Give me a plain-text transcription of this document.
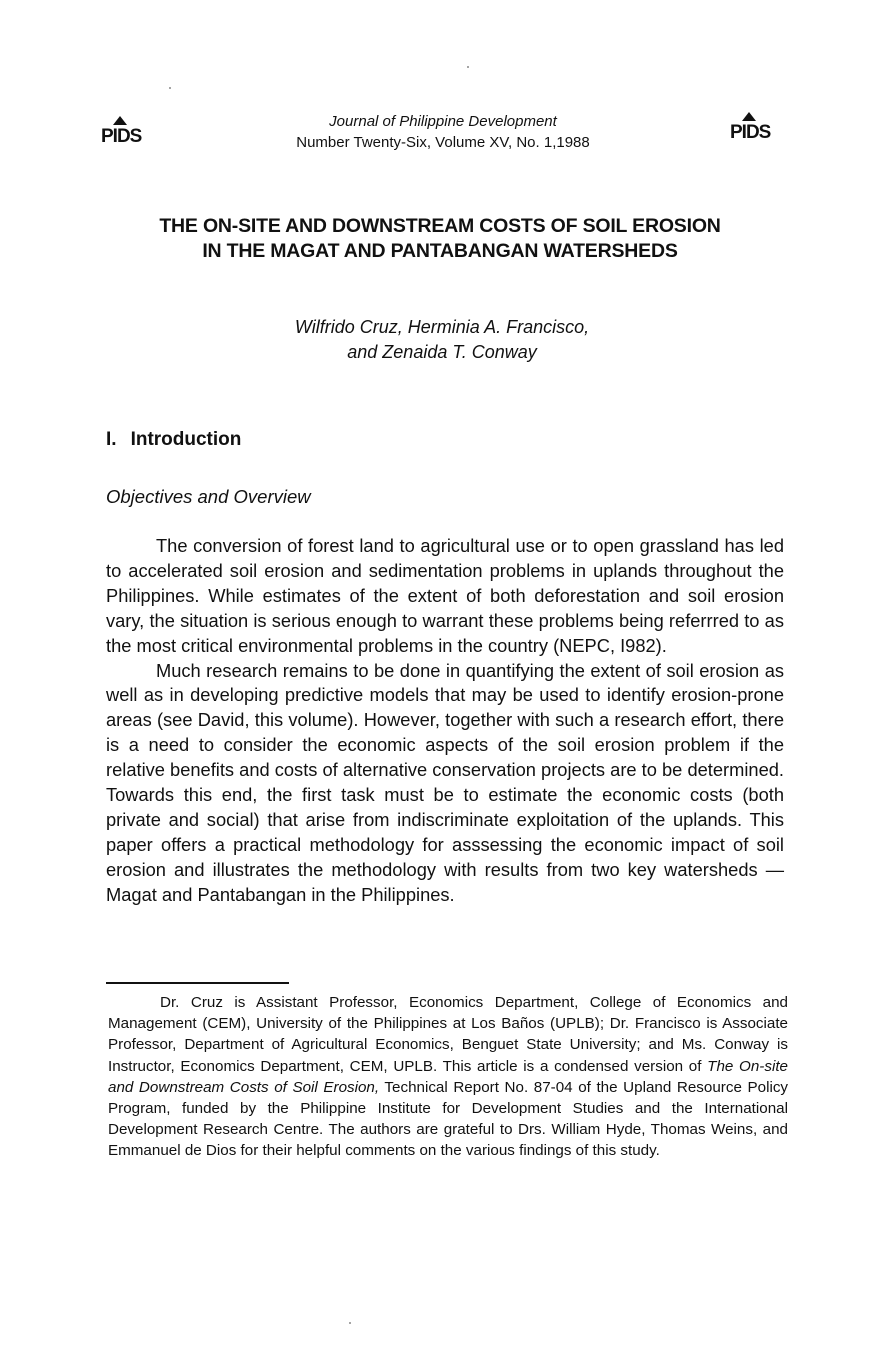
PIDS
Journal of Philippine Development
Number Twenty-Six, Volume XV, No. 1,1988	PIDS
THE ON-SITE AND DOWNSTREAM COSTS OF SOIL EROSION
IN THE MAGAT AND PANTABANGAN WATERSHEDS
Wilfrido Cruz, Herminia A. Francisco,
and Zenaida T. Conway
I. Introduction
Objectives and Overview

The conversion of forest land to agricultural use or to open grassland has led to accelerated soil erosion and sedimentation problems in uplands throughout the Philippines. While estimates of the extent of both deforestation and soil erosion vary, the situation is serious enough to warrant these problems being referrred to as the most critical environmental problems in the country (NEPC, I982).

Much research remains to be done in quantifying the extent of soil erosion as well as in developing predictive models that may be used to identify erosion-prone areas (see David, this volume). However, together with such a research effort, there is a need to consider the economic aspects of the soil erosion problem if the relative benefits and costs of alternative conservation projects are to be determined. Towards this end, the first task must be to estimate the economic costs (both private and social) that arise from indiscriminate exploitation of the uplands. This paper offers a practical methodology for asssessing the economic impact of soil erosion and illustrates the methodology with results from two key watersheds — Magat and Pantabangan in the Philippines.

Dr. Cruz is Assistant Professor, Economics Department, College of Economics and Management (CEM), University of the Philippines at Los Baños (UPLB); Dr. Francisco is Associate Professor, Department of Agricultural Economics, Benguet State University; and Ms. Conway is Instructor, Economics Department, CEM, UPLB. This article is a condensed version of The On-site and Downstream Costs of Soil Erosion, Technical Report No. 87-04 of the Upland Resource Policy Program, funded by the Philippine Institute for Development Studies and the International Development Research Centre. The authors are grateful to Drs. William Hyde, Thomas Weins, and Emmanuel de Dios for their helpful comments on the various findings of this study.
